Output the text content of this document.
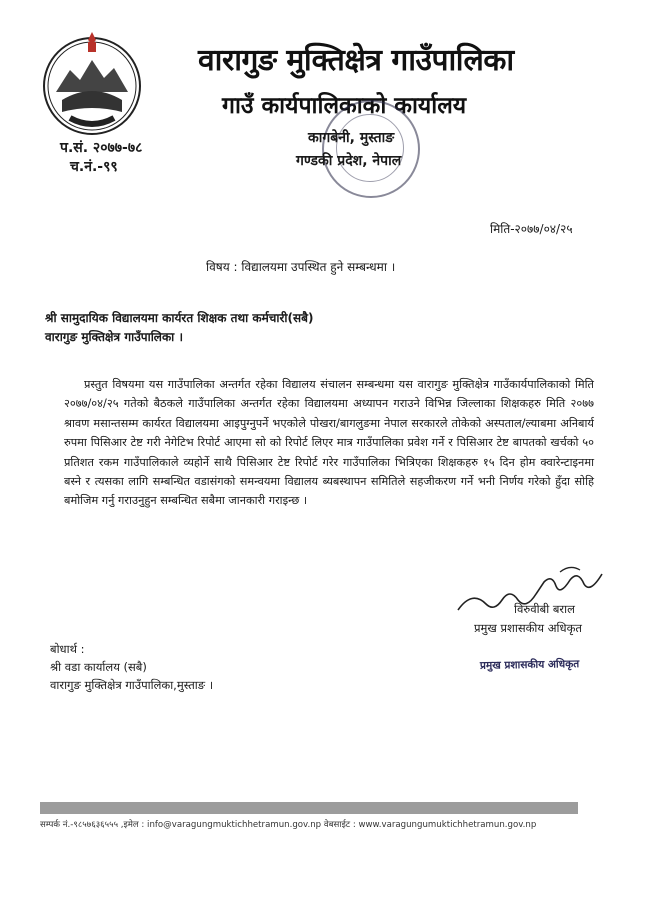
प.सं. २०७७-७८
च.नं.-९९
वारागुङ मुक्तिक्षेत्र गाउँपालिका
गाउँ कार्यपालिकाको कार्यालय
कागबेनी, मुस्ताङ
गण्डकी प्रदेश, नेपाल
मिति-२०७७/०४/२५
विषय : विद्यालयमा उपस्थित हुने सम्बन्धमा ।
श्री सामुदायिक विद्यालयमा कार्यरत शिक्षक तथा कर्मचारी(सबै)
वारागुङ मुक्तिक्षेत्र गाउँपालिका ।
प्रस्तुत विषयमा यस गाउँपालिका अन्तर्गत रहेका विद्यालय संचालन सम्बन्धमा यस वारागुङ मुक्तिक्षेत्र गाउँकार्यपालिकाको मिति २०७७/०४/२५ गतेको बैठकले गाउँपालिका अन्तर्गत रहेका विद्यालयमा अध्यापन गराउने विभिन्न जिल्लाका शिक्षकहरु मिति २०७७ श्रावण मसान्तसम्म कार्यरत विद्यालयमा आइपुग्नुपर्ने भएकोले पोखरा/बागलुङमा नेपाल सरकारले तोकेको अस्पताल/ल्याबमा अनिबार्य रुपमा पिसिआर टेष्ट गरी नेगेटिभ रिपोर्ट आएमा सो को रिपोर्ट लिएर मात्र गाउँपालिका प्रवेश गर्ने र पिसिआर टेष्ट बापतको खर्चको ५० प्रतिशत रकम गाउँपालिकाले व्यहोर्ने साथै पिसिआर टेष्ट रिपोर्ट गरेर गाउँपालिका भित्रिएका शिक्षकहरु १५ दिन होम क्वारेन्टाइनमा बस्ने र त्यसका लागि सम्बन्धित वडासंगको समन्वयमा विद्यालय ब्यबस्थापन समितिले सहजीकरण गर्ने भनी निर्णय गरेको हुँदा सोहि बमोजिम गर्नु गराउनुहुन सम्बन्धित सबैमा जानकारी गराइन्छ ।
विरुवीबी बराल
प्रमुख प्रशासकीय अधिकृत
प्रमुख प्रशासकीय अधिकृत
बोधार्थ :
श्री वडा कार्यालय (सबै)
वारागुङ मुक्तिक्षेत्र गाउँपालिका,मुस्ताङ ।
सम्पर्क नं.-९८५७६३६५५५ ,इमेल : info@varagungmuktichhetramun.gov.np वेबसाईट : www.varagungumuktichhetramun.gov.np
